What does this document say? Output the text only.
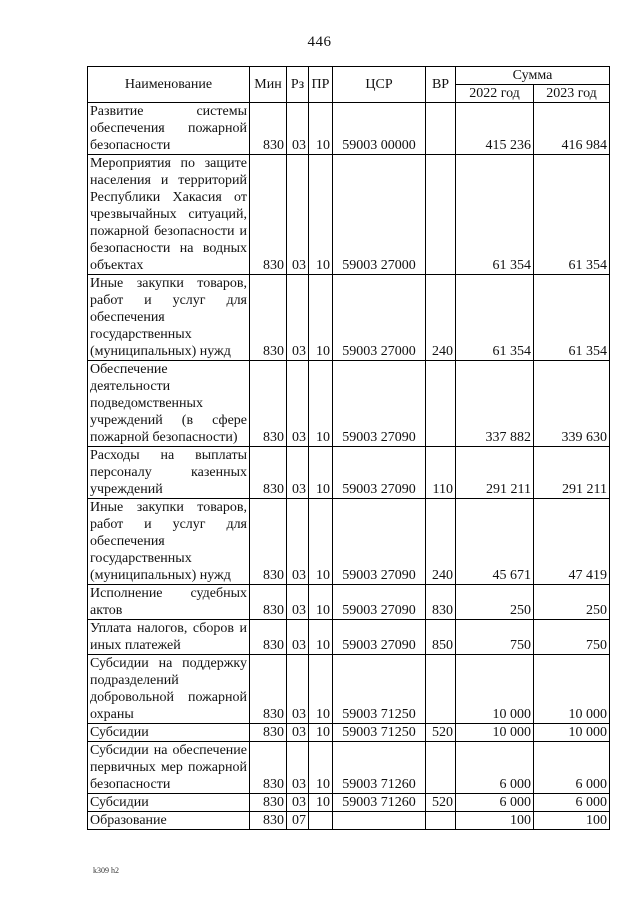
446
Наименование	Мин	Рз	ПР	ЦСР	ВР	Сумма	
						2022 год	2023 год
Развитие системы обеспечения пожарной безопасности	830	03	10	59003 00000		415 236	416 984
Мероприятия по защите населения и территорий Республики Хакасия от чрезвычайных ситуаций, пожарной безопасности и безопасности на водных объектах	830	03	10	59003 27000		61 354	61 354
Иные закупки товаров, работ и услуг для обеспечения государственных (муниципальных) нужд	830	03	10	59003 27000	240	61 354	61 354
Обеспечение деятельности подведомственных учреждений (в сфере пожарной безопасности)	830	03	10	59003 27090		337 882	339 630
Расходы на выплаты персоналу казенных учреждений	830	03	10	59003 27090	110	291 211	291 211
Иные закупки товаров, работ и услуг для обеспечения государственных (муниципальных) нужд	830	03	10	59003 27090	240	45 671	47 419
Исполнение судебных актов	830	03	10	59003 27090	830	250	250
Уплата налогов, сборов и иных платежей	830	03	10	59003 27090	850	750	750
Субсидии на поддержку подразделений добровольной пожарной охраны	830	03	10	59003 71250		10 000	10 000
Субсидии	830	03	10	59003 71250	520	10 000	10 000
Субсидии на обеспечение первичных мер пожарной безопасности	830	03	10	59003 71260		6 000	6 000
Субсидии	830	03	10	59003 71260	520	6 000	6 000
Образование	830	07				100	100
k309 h2
